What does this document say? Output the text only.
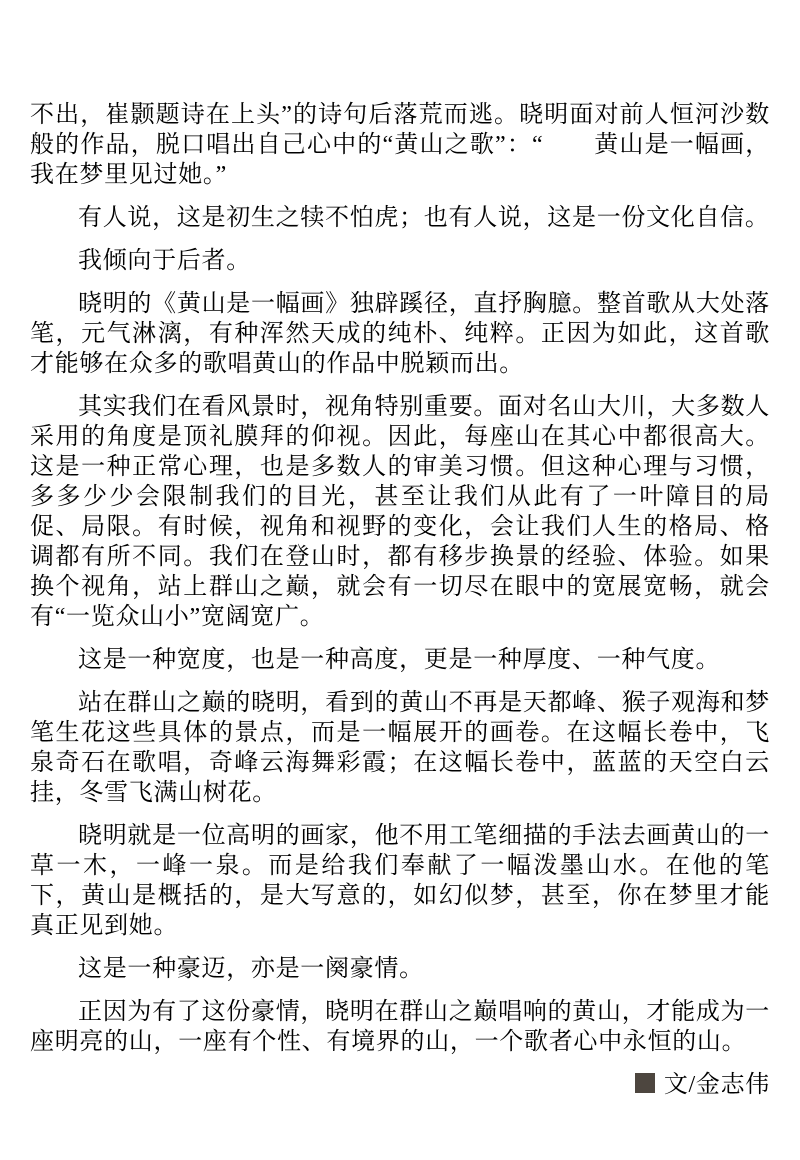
不出，崔颢题诗在上头”的诗句后落荒而逃。晓明面对前人恒河沙数般的作品，脱口唱出自己心中的“黄山之歌”：“　　黄山是一幅画，我在梦里见过她。”

有人说，这是初生之犊不怕虎；也有人说，这是一份文化自信。

我倾向于后者。

晓明的《黄山是一幅画》独辟蹊径，直抒胸臆。整首歌从大处落笔，元气淋漓，有种浑然天成的纯朴、纯粹。正因为如此，这首歌才能够在众多的歌唱黄山的作品中脱颖而出。

其实我们在看风景时，视角特别重要。面对名山大川，大多数人采用的角度是顶礼膜拜的仰视。因此，每座山在其心中都很高大。这是一种正常心理，也是多数人的审美习惯。但这种心理与习惯，多多少少会限制我们的目光，甚至让我们从此有了一叶障目的局促、局限。有时候，视角和视野的变化，会让我们人生的格局、格调都有所不同。我们在登山时，都有移步换景的经验、体验。如果换个视角，站上群山之巅，就会有一切尽在眼中的宽展宽畅，就会有“一览众山小”宽阔宽广。

这是一种宽度，也是一种高度，更是一种厚度、一种气度。

站在群山之巅的晓明，看到的黄山不再是天都峰、猴子观海和梦笔生花这些具体的景点，而是一幅展开的画卷。在这幅长卷中，飞泉奇石在歌唱，奇峰云海舞彩霞；在这幅长卷中，蓝蓝的天空白云挂，冬雪飞满山树花。

晓明就是一位高明的画家，他不用工笔细描的手法去画黄山的一草一木，一峰一泉。而是给我们奉献了一幅泼墨山水。在他的笔下，黄山是概括的，是大写意的，如幻似梦，甚至，你在梦里才能真正见到她。

这是一种豪迈，亦是一阕豪情。

正因为有了这份豪情，晓明在群山之巅唱响的黄山，才能成为一座明亮的山，一座有个性、有境界的山，一个歌者心中永恒的山。

文/金志伟
